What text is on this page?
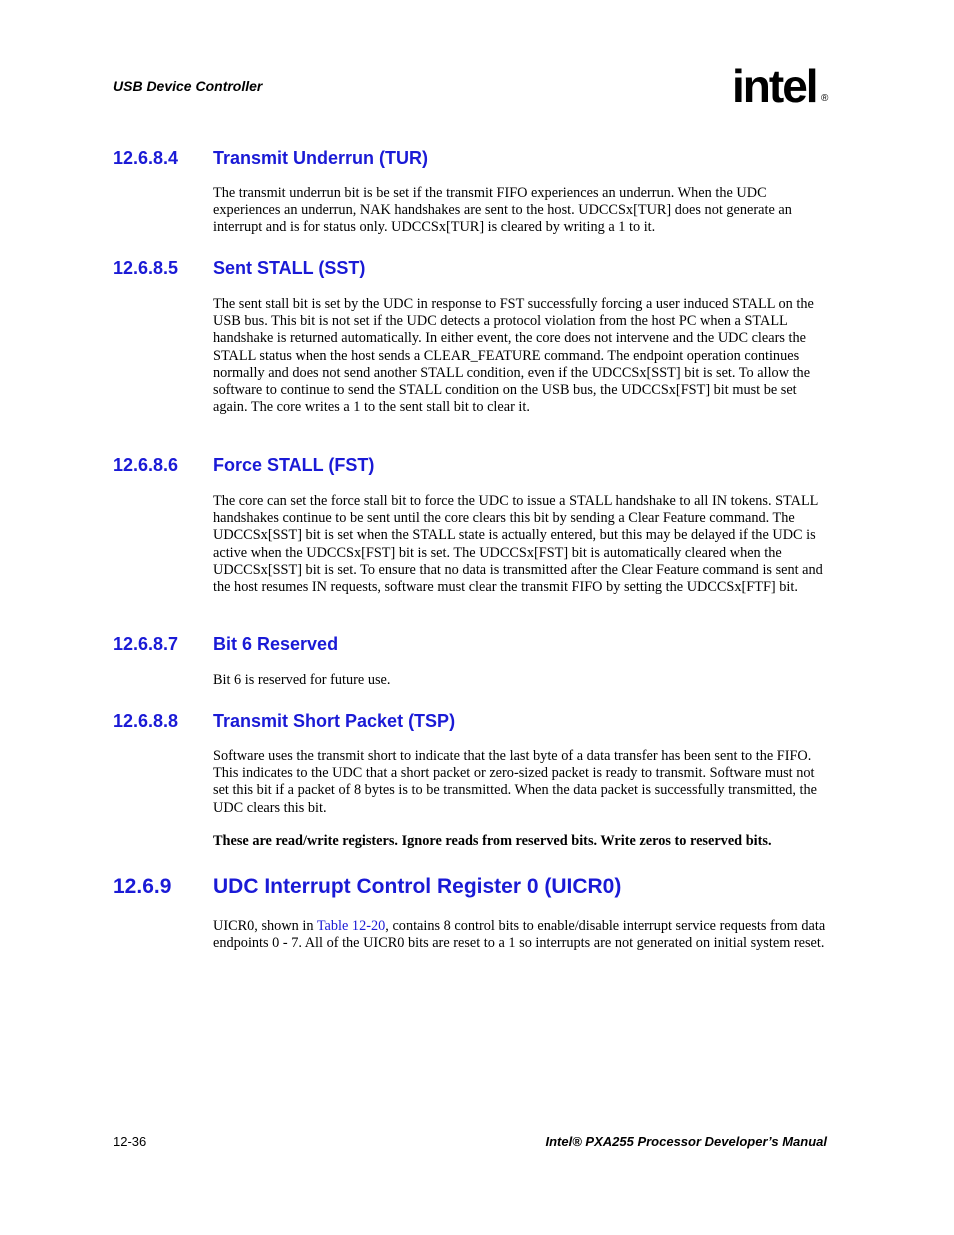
USB Device Controller	intel ®
12.6.8.4 Transmit Underrun (TUR)
The transmit underrun bit is be set if the transmit FIFO experiences an underrun. When the UDC experiences an underrun, NAK handshakes are sent to the host. UDCCSx[TUR] does not generate an interrupt and is for status only. UDCCSx[TUR] is cleared by writing a 1 to it.
12.6.8.5 Sent STALL (SST)
The sent stall bit is set by the UDC in response to FST successfully forcing a user induced STALL on the USB bus. This bit is not set if the UDC detects a protocol violation from the host PC when a STALL handshake is returned automatically. In either event, the core does not intervene and the UDC clears the STALL status when the host sends a CLEAR_FEATURE command. The endpoint operation continues normally and does not send another STALL condition, even if the UDCCSx[SST] bit is set. To allow the software to continue to send the STALL condition on the USB bus, the UDCCSx[FST] bit must be set again. The core writes a 1 to the sent stall bit to clear it.
12.6.8.6 Force STALL (FST)
The core can set the force stall bit to force the UDC to issue a STALL handshake to all IN tokens. STALL handshakes continue to be sent until the core clears this bit by sending a Clear Feature command. The UDCCSx[SST] bit is set when the STALL state is actually entered, but this may be delayed if the UDC is active when the UDCCSx[FST] bit is set. The UDCCSx[FST] bit is automatically cleared when the UDCCSx[SST] bit is set. To ensure that no data is transmitted after the Clear Feature command is sent and the host resumes IN requests, software must clear the transmit FIFO by setting the UDCCSx[FTF] bit.
12.6.8.7 Bit 6 Reserved
Bit 6 is reserved for future use.
12.6.8.8 Transmit Short Packet (TSP)
Software uses the transmit short to indicate that the last byte of a data transfer has been sent to the FIFO. This indicates to the UDC that a short packet or zero-sized packet is ready to transmit. Software must not set this bit if a packet of 8 bytes is to be transmitted. When the data packet is successfully transmitted, the UDC clears this bit.
These are read/write registers. Ignore reads from reserved bits. Write zeros to reserved bits.
12.6.9 UDC Interrupt Control Register 0 (UICR0)
UICR0, shown in Table 12-20, contains 8 control bits to enable/disable interrupt service requests from data endpoints 0 - 7. All of the UICR0 bits are reset to a 1 so interrupts are not generated on initial system reset.
12-36	Intel® PXA255 Processor Developer’s Manual
